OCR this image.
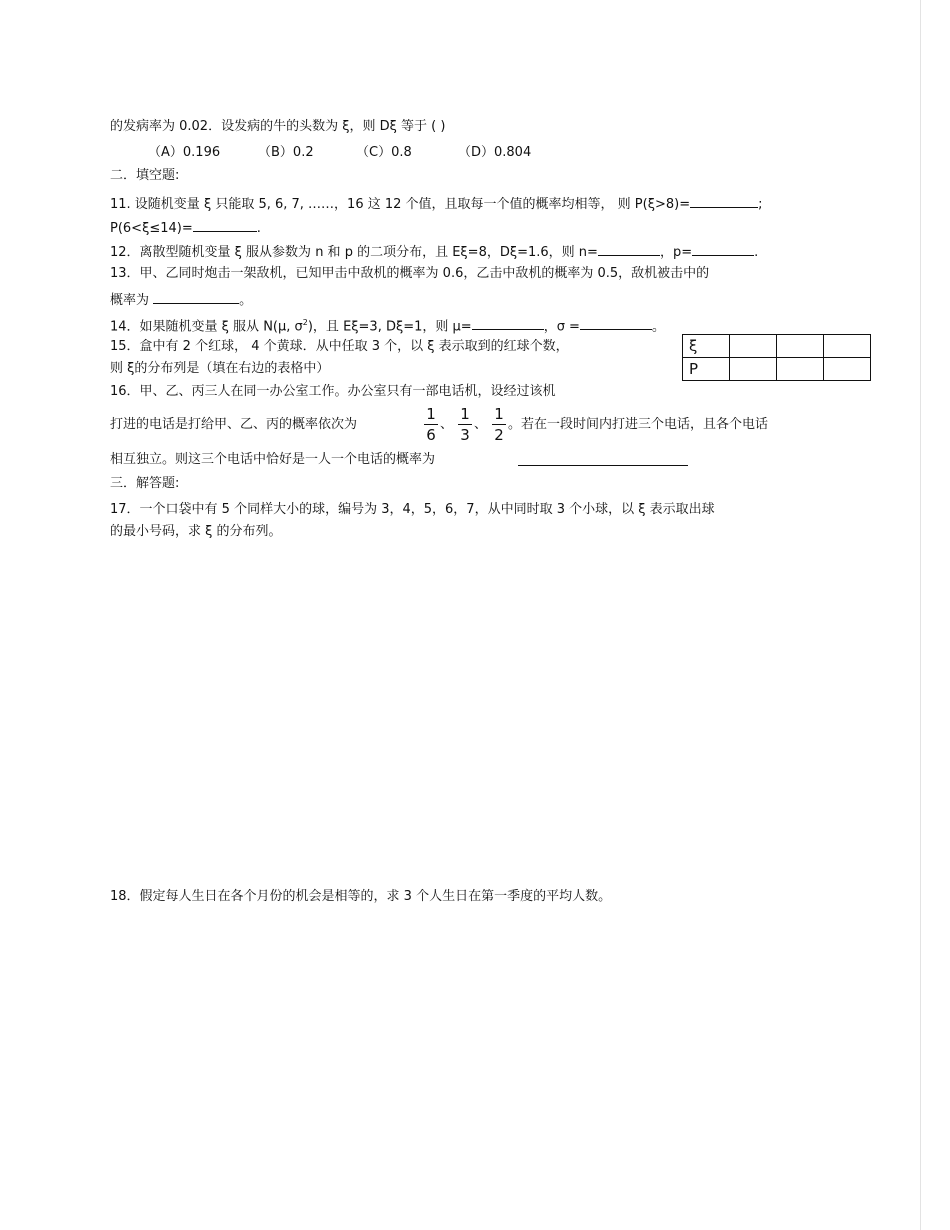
的发病率为 0.02．设发病的牛的头数为 ξ，则 Dξ 等于 ( )
（A）0.196	（B）0.2	（C）0.8	（D）0.804
二．填空题:
11. 设随机变量 ξ 只能取 5, 6, 7, ……，16 这 12 个值，且取每一个值的概率均相等， 则 P(ξ>8)=	;
P(6<ξ≤14)=	.
12．离散型随机变量 ξ 服从参数为 n 和 p 的二项分布，且 Eξ=8，Dξ=1.6，则 n=	，p=	.
13．甲、乙同时炮击一架敌机，已知甲击中敌机的概率为 0.6，乙击中敌机的概率为 0.5，敌机被击中的
概率为	。
14．如果随机变量 ξ 服从 N(μ, $\sigma^2$)，且 Eξ=3, Dξ=1，则 μ=	，σ =	。
15．盒中有 2 个红球， 4 个黄球．从中任取 3 个，以 ξ 表示取到的红球个数，
则 ξ的分布列是（填在右边的表格中）
ξ			
P			
16．甲、乙、丙三人在同一办公室工作。办公室只有一部电话机，设经过该机
打进的电话是打给甲、乙、丙的概率依次为
1
6
、
1
3
、
1
2
。若在一段时间内打进三个电话，且各个电话
相互独立。则这三个电话中恰好是一人一个电话的概率为
三．解答题:
17．一个口袋中有 5 个同样大小的球，编号为 3，4，5，6，7，从中同时取 3 个小球，以 ξ 表示取出球
的最小号码，求 ξ 的分布列。
18．假定每人生日在各个月份的机会是相等的，求 3 个人生日在第一季度的平均人数。
